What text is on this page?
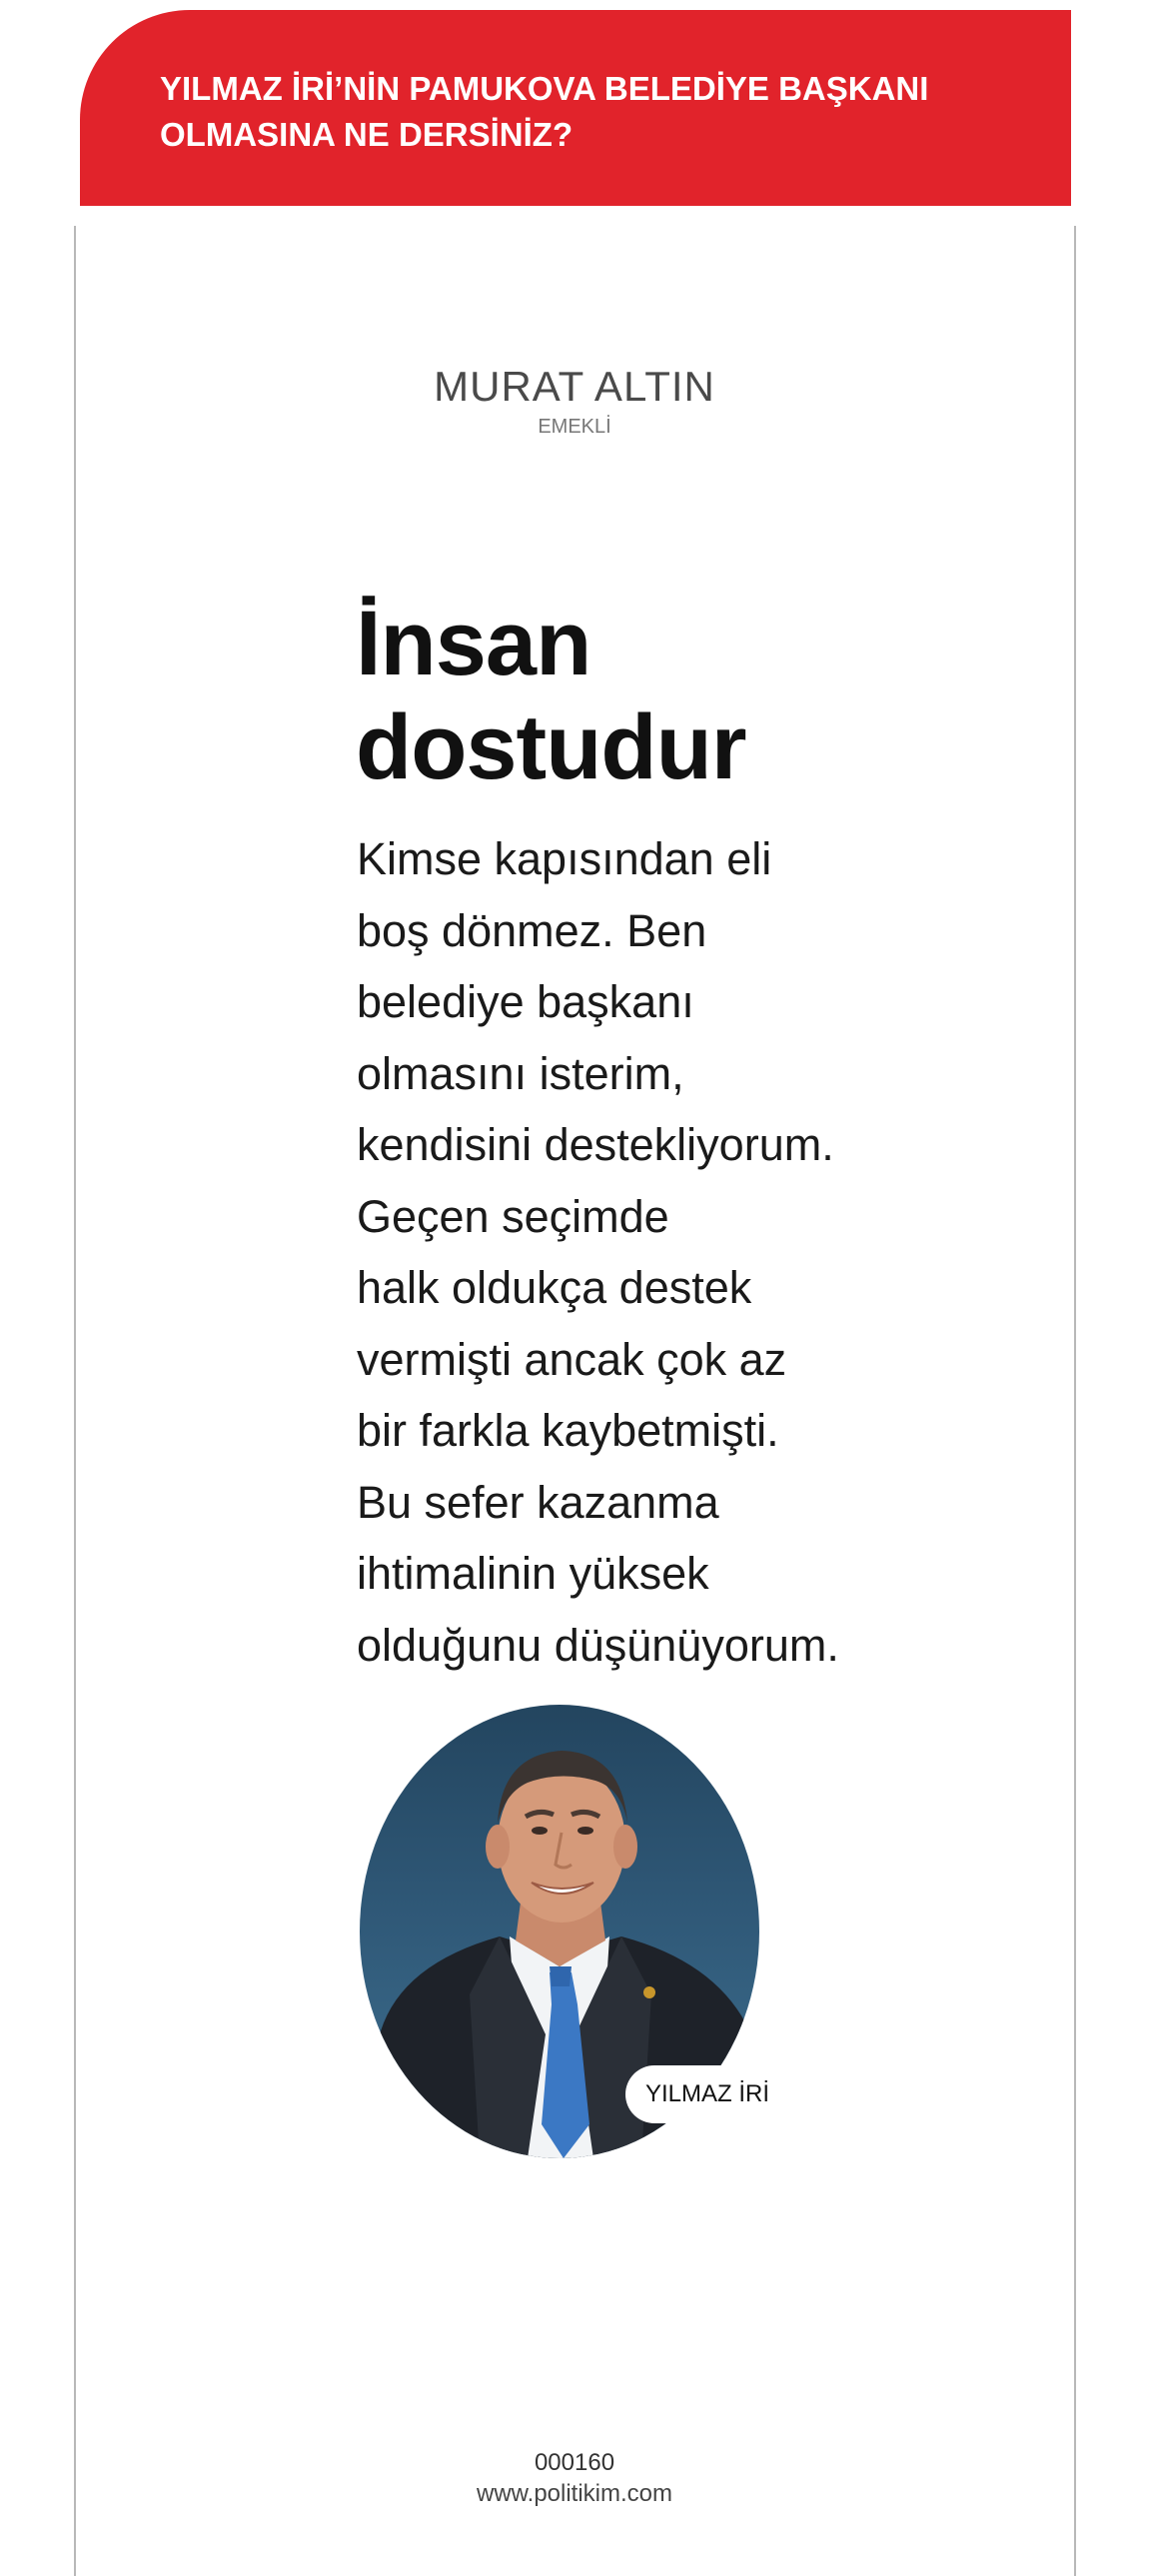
YILMAZ İRİ’NİN PAMUKOVA BELEDİYE BAŞKANI OLMASINA NE DERSİNİZ?

MURAT ALTIN
EMEKLİ
İnsan
dostudur
Kimse kapısından eli
boş dönmez. Ben
belediye başkanı
olmasını isterim,
kendisini destekliyorum.
Geçen seçimde
halk oldukça destek
vermişti ancak çok az
bir farkla kaybetmişti.
Bu sefer kazanma
ihtimalinin yüksek
olduğunu düşünüyorum.
YILMAZ İRİ
000160
www.politikim.com
